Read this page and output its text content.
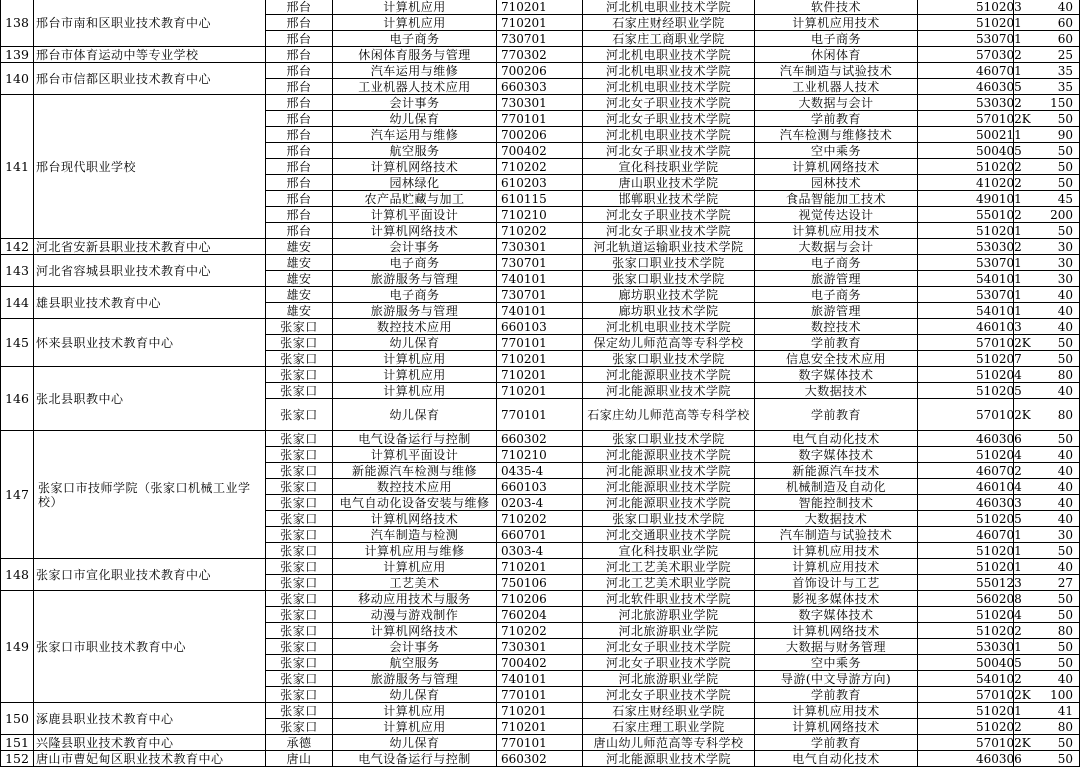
138	邢台市南和区职业技术教育中心	邢台	计算机应用	710201	河北机电职业技术学院	软件技术	510203	40
		邢台	计算机应用	710201	石家庄财经职业学院	计算机应用技术	510201	60
		邢台	电子商务	730701	石家庄工商职业学院	电子商务	530701	60
139	邢台市体育运动中等专业学校	邢台	休闲体育服务与管理	770302	河北机电职业技术学院	休闲体育	570302	25
140	邢台市信都区职业技术教育中心	邢台	汽车运用与维修	700206	河北机电职业技术学院	汽车制造与试验技术	460701	35
		邢台	工业机器人技术应用	660303	河北机电职业技术学院	工业机器人技术	460305	35
141	邢台现代职业学校	邢台	会计事务	730301	河北女子职业技术学院	大数据与会计	530302	150
		邢台	幼儿保育	770101	河北女子职业技术学院	学前教育	570102K	50
		邢台	汽车运用与维修	700206	河北机电职业技术学院	汽车检测与维修技术	500211	90
		邢台	航空服务	700402	河北女子职业技术学院	空中乘务	500405	50
		邢台	计算机网络技术	710202	宣化科技职业学院	计算机网络技术	510202	50
		邢台	园林绿化	610203	唐山职业技术学院	园林技术	410202	50
		邢台	农产品贮藏与加工	610115	邯郸职业技术学院	食品智能加工技术	490101	45
		邢台	计算机平面设计	710210	河北女子职业技术学院	视觉传达设计	550102	200
		邢台	计算机网络技术	710202	河北女子职业技术学院	计算机应用技术	510201	50
142	河北省安新县职业技术教育中心	雄安	会计事务	730301	河北轨道运输职业技术学院	大数据与会计	530302	30
143	河北省容城县职业技术教育中心	雄安	电子商务	730701	张家口职业技术学院	电子商务	530701	30
		雄安	旅游服务与管理	740101	张家口职业技术学院	旅游管理	540101	30
144	雄县职业技术教育中心	雄安	电子商务	730701	廊坊职业技术学院	电子商务	530701	40
		雄安	旅游服务与管理	740101	廊坊职业技术学院	旅游管理	540101	40
145	怀来县职业技术教育中心	张家口	数控技术应用	660103	河北机电职业技术学院	数控技术	460103	40
		张家口	幼儿保育	770101	保定幼儿师范高等专科学校	学前教育	570102K	50
		张家口	计算机应用	710201	张家口职业技术学院	信息安全技术应用	510207	50
146	张北县职教中心	张家口	计算机应用	710201	河北能源职业技术学院	数字媒体技术	510204	80
		张家口	计算机应用	710201	河北能源职业技术学院	大数据技术	510205	40
		张家口	幼儿保育	770101	石家庄幼儿师范高等专科学校	学前教育	570102K	80
147	张家口市技师学院（张家口机械工业学校）	张家口	电气设备运行与控制	660302	张家口职业技术学院	电气自动化技术	460306	50
		张家口	计算机平面设计	710210	河北能源职业技术学院	数字媒体技术	510204	40
		张家口	新能源汽车检测与维修	0435-4	河北能源职业技术学院	新能源汽车技术	460702	40
		张家口	数控技术应用	660103	河北能源职业技术学院	机械制造及自动化	460104	40
		张家口	电气自动化设备安装与维修	0203-4	河北能源职业技术学院	智能控制技术	460303	40
		张家口	计算机网络技术	710202	张家口职业技术学院	大数据技术	510205	40
		张家口	汽车制造与检测	660701	河北交通职业技术学院	汽车制造与试验技术	460701	30
		张家口	计算机应用与维修	0303-4	宣化科技职业学院	计算机应用技术	510201	50
148	张家口市宣化职业技术教育中心	张家口	计算机应用	710201	河北工艺美术职业学院	计算机应用技术	510201	40
		张家口	工艺美术	750106	河北工艺美术职业学院	首饰设计与工艺	550123	27
149	张家口市职业技术教育中心	张家口	移动应用技术与服务	710206	河北软件职业技术学院	影视多媒体技术	560208	50
		张家口	动漫与游戏制作	760204	河北旅游职业学院	数字媒体技术	510204	50
		张家口	计算机网络技术	710202	河北旅游职业学院	计算机网络技术	510202	80
		张家口	会计事务	730301	河北女子职业技术学院	大数据与财务管理	530301	50
		张家口	航空服务	700402	河北女子职业技术学院	空中乘务	500405	50
		张家口	旅游服务与管理	740101	河北旅游职业学院	导游(中文导游方向)	540102	40
		张家口	幼儿保育	770101	河北女子职业技术学院	学前教育	570102K	100
150	涿鹿县职业技术教育中心	张家口	计算机应用	710201	石家庄财经职业学院	计算机应用技术	510201	41
		张家口	计算机应用	710201	石家庄理工职业学院	计算机网络技术	510202	80
151	兴隆县职业技术教育中心	承德	幼儿保育	770101	唐山幼儿师范高等专科学校	学前教育	570102K	50
152	唐山市曹妃甸区职业技术教育中心	唐山	电气设备运行与控制	660302	河北能源职业技术学院	电气自动化技术	460306	50
